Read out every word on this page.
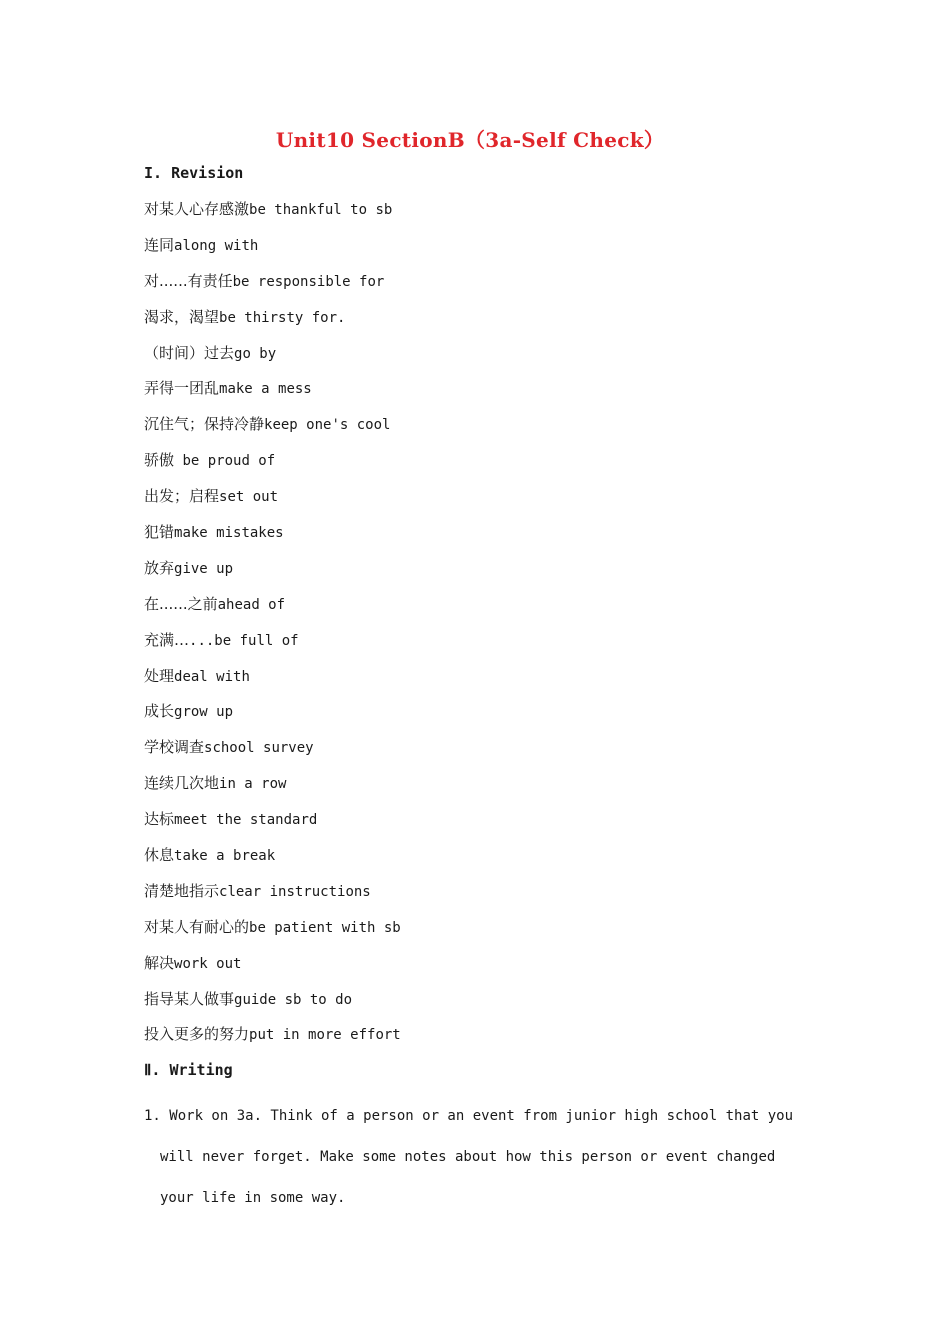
Unit10 SectionB（3a-Self Check）
I. Revision
对某人心存感激be thankful to sb
连同along with
对......有责任be responsible for
渴求，渴望be thirsty for.
（时间）过去go by
弄得一团乱make a mess
沉住气；保持冷静keep one's cool
骄傲 be proud of
出发；启程set out
犯错make mistakes
放弃give up
在......之前ahead of
充满…...be full of
处理deal with
成长grow up
学校调查school survey
连续几次地in a row
达标meet the standard
休息take a break
清楚地指示clear instructions
对某人有耐心的be patient with sb
解决work out
指导某人做事guide sb to do
投入更多的努力put in more effort
Ⅱ. Writing
1. Work on 3a. Think of a person or an event from junior high school that you
will never forget. Make some notes about how this person or event changed
your life in some way.
